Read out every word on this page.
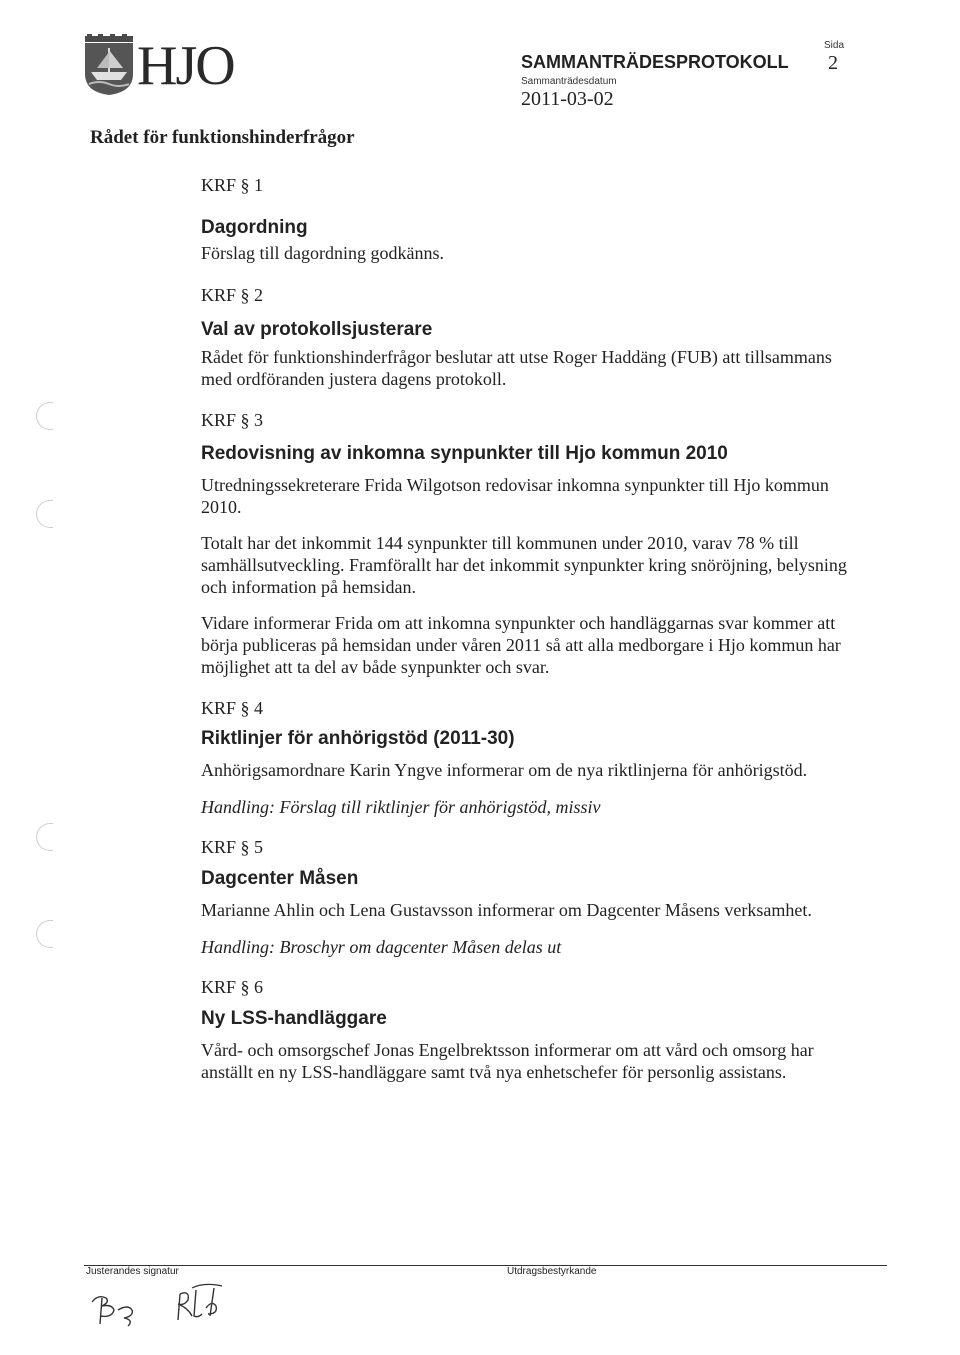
HJO	SAMMANTRÄDESPROTOKOLL
Sammanträdesdatum
2011-03-02
Sida
2
Rådet för funktionshinderfrågor

KRF § 1

Dagordning

Förslag till dagordning godkänns.

KRF § 2

Val av protokollsjusterare

Rådet för funktionshinderfrågor beslutar att utse Roger Haddäng (FUB) att tillsammans med ordföranden justera dagens protokoll.

KRF § 3

Redovisning av inkomna synpunkter till Hjo kommun 2010

Utredningssekreterare Frida Wilgotson redovisar inkomna synpunkter till Hjo kommun 2010.

Totalt har det inkommit 144 synpunkter till kommunen under 2010, varav 78 % till samhällsutveckling. Framförallt har det inkommit synpunkter kring snöröjning, belysning och information på hemsidan.

Vidare informerar Frida om att inkomna synpunkter och handläggarnas svar kommer att börja publiceras på hemsidan under våren 2011 så att alla medborgare i Hjo kommun har möjlighet att ta del av både synpunkter och svar.

KRF § 4

Riktlinjer för anhörigstöd (2011-30)

Anhörigsamordnare Karin Yngve informerar om de nya riktlinjerna för anhörigstöd.

Handling: Förslag till riktlinjer för anhörigstöd, missiv

KRF § 5

Dagcenter Måsen

Marianne Ahlin och Lena Gustavsson informerar om Dagcenter Måsens verksamhet.

Handling: Broschyr om dagcenter Måsen delas ut

KRF § 6

Ny LSS-handläggare

Vård- och omsorgschef Jonas Engelbrektsson informerar om att vård och omsorg har anställt en ny LSS-handläggare samt två nya enhetschefer för personlig assistans.

Justerandes signatur	Utdragsbestyrkande
